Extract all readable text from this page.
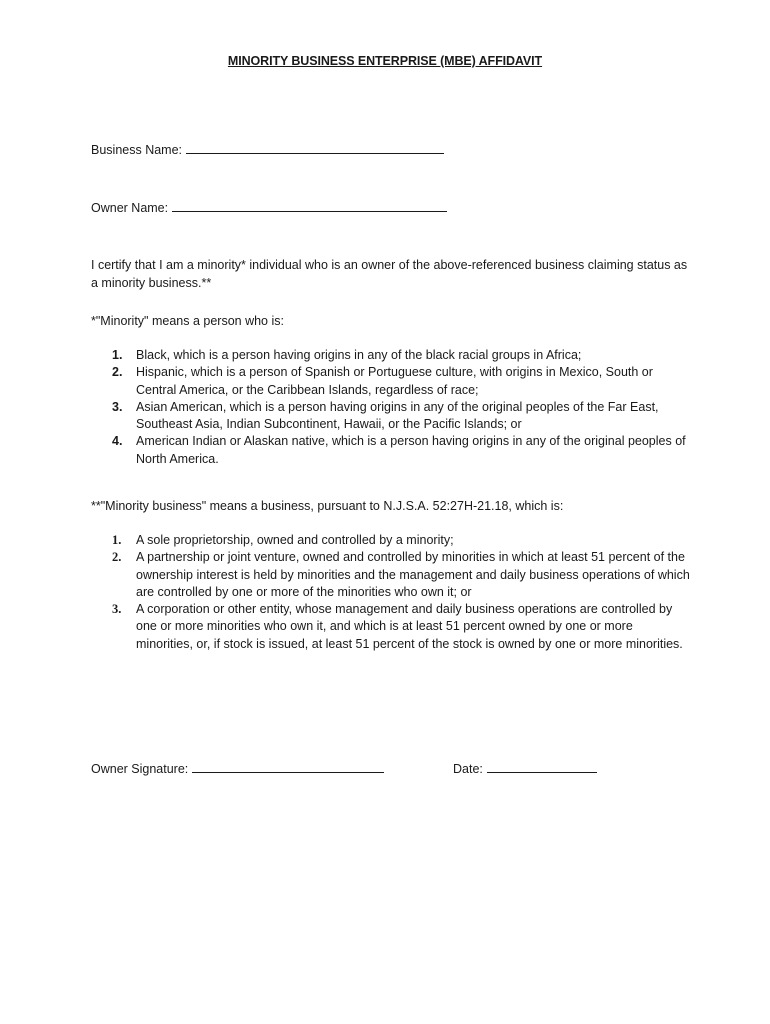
MINORITY BUSINESS ENTERPRISE (MBE) AFFIDAVIT
Business Name:
Owner Name:
I certify that I am a minority* individual who is an owner of the above-referenced business claiming status as a minority business.**
*"Minority" means a person who is:
1. Black, which is a person having origins in any of the black racial groups in Africa;
2. Hispanic, which is a person of Spanish or Portuguese culture, with origins in Mexico, South or Central America, or the Caribbean Islands, regardless of race;
3. Asian American, which is a person having origins in any of the original peoples of the Far East, Southeast Asia, Indian Subcontinent, Hawaii, or the Pacific Islands; or
4. American Indian or Alaskan native, which is a person having origins in any of the original peoples of North America.
**"Minority business" means a business, pursuant to N.J.S.A. 52:27H-21.18, which is:
1. A sole proprietorship, owned and controlled by a minority;
2. A partnership or joint venture, owned and controlled by minorities in which at least 51 percent of the ownership interest is held by minorities and the management and daily business operations of which are controlled by one or more of the minorities who own it; or
3. A corporation or other entity, whose management and daily business operations are controlled by one or more minorities who own it, and which is at least 51 percent owned by one or more minorities, or, if stock is issued, at least 51 percent of the stock is owned by one or more minorities.
Owner Signature:	Date:
